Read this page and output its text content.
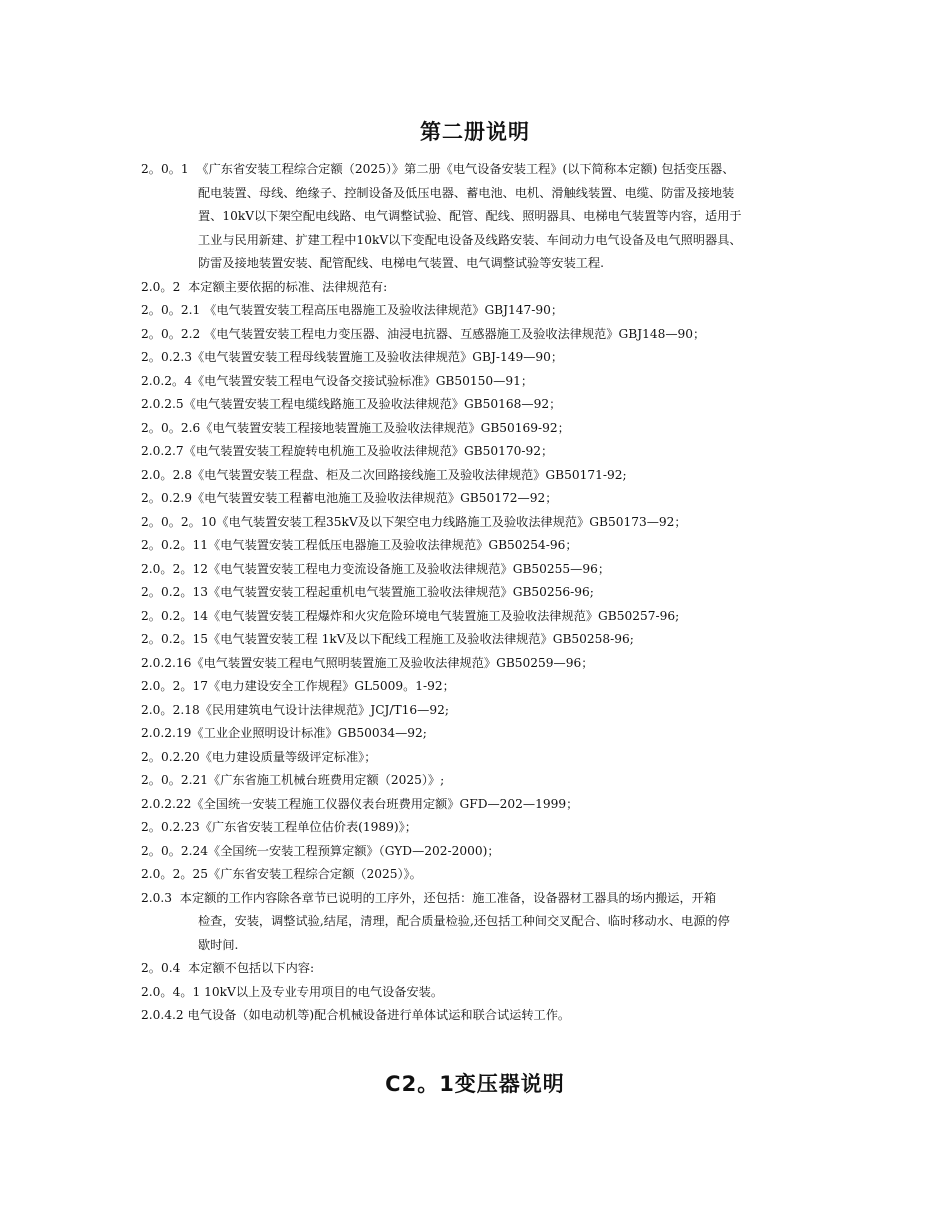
第二册说明
2。0。1 《广东省安装工程综合定额（2025）》第二册《电气设备安装工程》(以下简称本定额) 包括变压器、
配电装置、母线、绝缘子、控制设备及低压电器、蓄电池、电机、滑触线装置、电缆、防雷及接地装
置、10kV以下架空配电线路、电气调整试验、配管、配线、照明器具、电梯电气装置等内容，适用于
工业与民用新建、扩建工程中10kV以下变配电设备及线路安装、车间动力电气设备及电气照明器具、
防雷及接地装置安装、配管配线、电梯电气装置、电气调整试验等安装工程.
2.0。2 本定额主要依据的标准、法律规范有:
2。0。2.1 《电气装置安装工程高压电器施工及验收法律规范》GBJ147-90；
2。0。2.2 《电气装置安装工程电力变压器、油浸电抗器、互感器施工及验收法律规范》GBJ148—90；
2。0.2.3《电气装置安装工程母线装置施工及验收法律规范》GBJ-149—90；
2.0.2。4《电气装置安装工程电气设备交接试验标准》GB50150—91；
2.0.2.5《电气装置安装工程电缆线路施工及验收法律规范》GB50168—92；
2。0。2.6《电气装置安装工程接地装置施工及验收法律规范》GB50169-92；
2.0.2.7《电气装置安装工程旋转电机施工及验收法律规范》GB50170-92；
2.0。2.8《电气装置安装工程盘、柜及二次回路接线施工及验收法律规范》GB50171-92;
2。0.2.9《电气装置安装工程蓄电池施工及验收法律规范》GB50172—92；
2。0。2。10《电气装置安装工程35kV及以下架空电力线路施工及验收法律规范》GB50173—92；
2。0.2。11《电气装置安装工程低压电器施工及验收法律规范》GB50254-96；
2.0。2。12《电气装置安装工程电力变流设备施工及验收法律规范》GB50255—96；
2。0.2。13《电气装置安装工程起重机电气装置施工验收法律规范》GB50256-96;
2。0.2。14《电气装置安装工程爆炸和火灾危险环境电气装置施工及验收法律规范》GB50257-96;
2。0.2。15《电气装置安装工程 1kV及以下配线工程施工及验收法律规范》GB50258-96;
2.0.2.16《电气装置安装工程电气照明装置施工及验收法律规范》GB50259—96；
2.0。2。17《电力建设安全工作规程》GL5009。1-92；
2.0。2.18《民用建筑电气设计法律规范》JCJ/T16—92;
2.0.2.19《工业企业照明设计标准》GB50034—92;
2。0.2.20《电力建设质量等级评定标准》；
2。0。2.21《广东省施工机械台班费用定额（2025）》;
2.0.2.22《全国统一安装工程施工仪器仪表台班费用定额》GFD—202—1999；
2。0.2.23《广东省安装工程单位估价表(1989)》；
2。0。2.24《全国统一安装工程预算定额》（GYD—202-2000)；
2.0。2。25《广东省安装工程综合定额（2025）》。
2.0.3 本定额的工作内容除各章节已说明的工序外，还包括：施工准备，设备器材工器具的场内搬运，开箱
检查，安装，调整试验,结尾，清理，配合质量检验,还包括工种间交叉配合、临时移动水、电源的停
歇时间.
2。0.4 本定额不包括以下内容:
2.0。4。1 10kV以上及专业专用项目的电气设备安装。
2.0.4.2 电气设备（如电动机等)配合机械设备进行单体试运和联合试运转工作。
C2。1变压器说明
